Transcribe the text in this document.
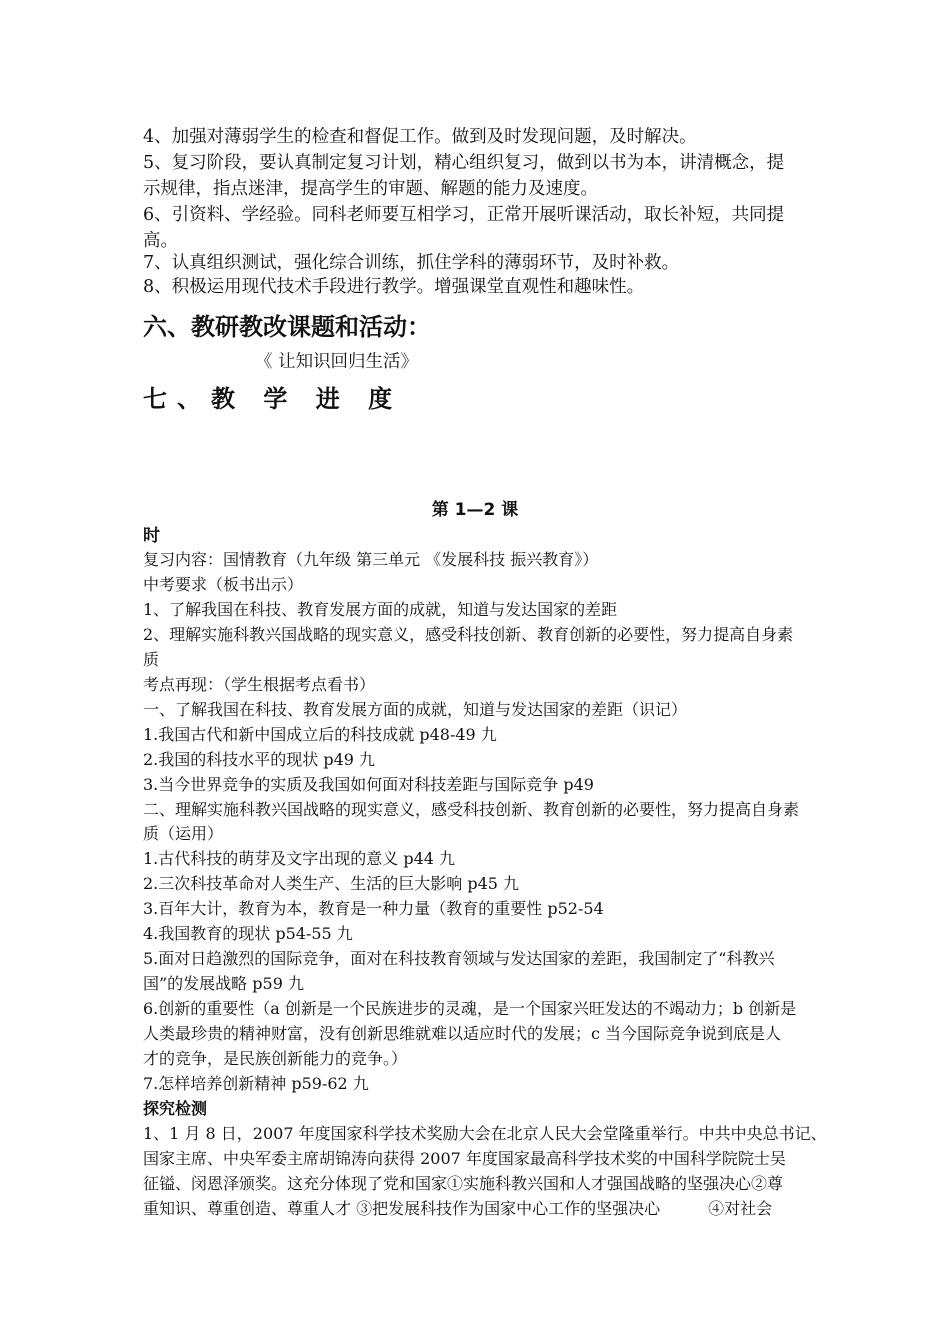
4、加强对薄弱学生的检查和督促工作。做到及时发现问题，及时解决。
5、复习阶段，要认真制定复习计划，精心组织复习，做到以书为本，讲清概念，提
示规律，指点迷津，提高学生的审题、解题的能力及速度。
6、引资料、学经验。同科老师要互相学习，正常开展听课活动，取长补短，共同提
高。
7、认真组织测试，强化综合训练，抓住学科的薄弱环节，及时补救。
8、积极运用现代技术手段进行教学。增强课堂直观性和趣味性。
六、教研教改课题和活动：
《 让知识回归生活》
七、教 学 进 度
第 1—2 课
时
复习内容：国情教育（九年级 第三单元 《发展科技 振兴教育》）
中考要求（板书出示）
1、了解我国在科技、教育发展方面的成就，知道与发达国家的差距
2、理解实施科教兴国战略的现实意义，感受科技创新、教育创新的必要性，努力提高自身素
质
考点再现：（学生根据考点看书）
一、了解我国在科技、教育发展方面的成就，知道与发达国家的差距（识记）
1.我国古代和新中国成立后的科技成就 p48-49 九
2.我国的科技水平的现状 p49 九
3.当今世界竞争的实质及我国如何面对科技差距与国际竞争 p49
二、理解实施科教兴国战略的现实意义，感受科技创新、教育创新的必要性，努力提高自身素
质（运用）
1.古代科技的萌芽及文字出现的意义 p44 九
2.三次科技革命对人类生产、生活的巨大影响 p45 九
3.百年大计，教育为本，教育是一种力量（教育的重要性 p52-54
4.我国教育的现状 p54-55 九
5.面对日趋激烈的国际竞争，面对在科技教育领域与发达国家的差距，我国制定了“科教兴
国”的发展战略 p59 九
6.创新的重要性（a 创新是一个民族进步的灵魂，是一个国家兴旺发达的不竭动力；b 创新是
人类最珍贵的精神财富，没有创新思维就难以适应时代的发展；c 当今国际竞争说到底是人
才的竞争，是民族创新能力的竞争。）
7.怎样培养创新精神 p59-62 九
探究检测
1、1 月 8 日，2007 年度国家科学技术奖励大会在北京人民大会堂隆重举行。中共中央总书记、
国家主席、中央军委主席胡锦涛向获得 2007 年度国家最高科学技术奖的中国科学院院士吴
征镒、闵恩泽颁奖。这充分体现了党和国家①实施科教兴国和人才强国战略的坚强决心②尊
重知识、尊重创造、尊重人才 ③把发展科技作为国家中心工作的坚强决心　　　④对社会
